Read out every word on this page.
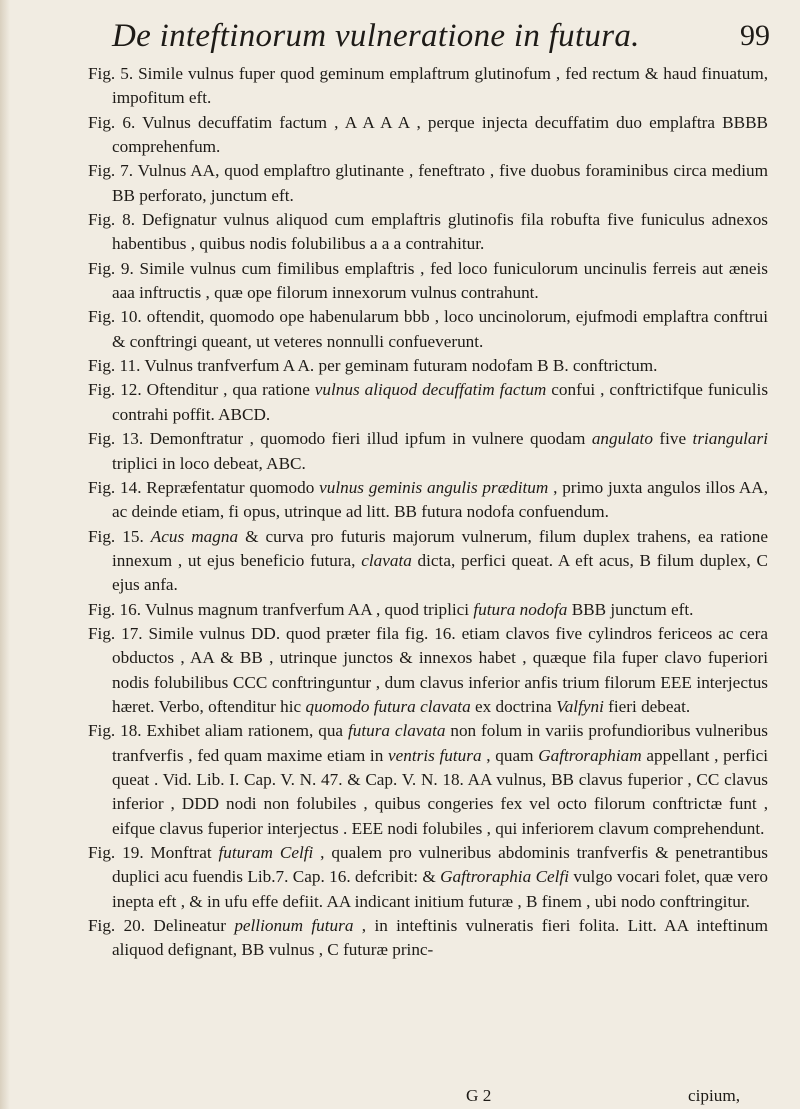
De inteftinorum vulneratione in futura.	99

Fig. 5. Simile vulnus fuper quod geminum emplaftrum glutinofum , fed rectum & haud finuatum, impofitum eft.

Fig. 6. Vulnus decuffatim factum , A A A A , perque injecta decuffatim duo emplaftra BBBB comprehenfum.

Fig. 7. Vulnus AA, quod emplaftro glutinante , feneftrato , five duobus foraminibus circa medium BB perforato, junctum eft.

Fig. 8. Defignatur vulnus aliquod cum emplaftris glutinofis fila robufta five funiculus adnexos habentibus , quibus nodis folubilibus a a a contrahitur.

Fig. 9. Simile vulnus cum fimilibus emplaftris , fed loco funiculorum uncinulis ferreis aut æneis aaa inftructis , quæ ope filorum innexorum vulnus contrahunt.

Fig. 10. oftendit, quomodo ope habenularum bbb , loco uncinolorum, ejufmodi emplaftra conftrui & conftringi queant, ut veteres nonnulli confueverunt.

Fig. 11. Vulnus tranfverfum A A. per geminam futuram nodofam B B. conftrictum.

Fig. 12. Oftenditur , qua ratione vulnus aliquod decuffatim factum confui , conftrictifque funiculis contrahi poffit. ABCD.

Fig. 13. Demonftratur , quomodo fieri illud ipfum in vulnere quodam angulato five triangulari triplici in loco debeat, ABC.

Fig. 14. Repræfentatur quomodo vulnus geminis angulis præditum , primo juxta angulos illos AA, ac deinde etiam, fi opus, utrinque ad litt. BB futura nodofa confuendum.

Fig. 15. Acus magna & curva pro futuris majorum vulnerum, filum duplex trahens, ea ratione innexum , ut ejus beneficio futura, clavata dicta, perfici queat. A eft acus, B filum duplex, C ejus anfa.

Fig. 16. Vulnus magnum tranfverfum AA , quod triplici futura nodofa BBB junctum eft.

Fig. 17. Simile vulnus DD. quod præter fila fig. 16. etiam clavos five cylindros fericeos ac cera obductos , AA & BB , utrinque junctos & innexos habet , quæque fila fuper clavo fuperiori nodis folubilibus CCC conftringuntur , dum clavus inferior anfis trium filorum EEE interjectus hæret. Verbo, oftenditur hic quomodo futura clavata ex doctrina Valfyni fieri debeat.

Fig. 18. Exhibet aliam rationem, qua futura clavata non folum in variis profundioribus vulneribus tranfverfis , fed quam maxime etiam in ventris futura , quam Gaftroraphiam appellant , perfici queat . Vid. Lib. I. Cap. V. N. 47. & Cap. V. N. 18. AA vulnus, BB clavus fuperior , CC clavus inferior , DDD nodi non folubiles , quibus congeries fex vel octo filorum conftrictæ funt , eifque clavus fuperior interjectus . EEE nodi folubiles , qui inferiorem clavum comprehendunt.

Fig. 19. Monftrat futuram Celfi , qualem pro vulneribus abdominis tranfverfis & penetrantibus duplici acu fuendis Lib.7. Cap. 16. defcribit: & Gaftroraphia Celfi vulgo vocari folet, quæ vero inepta eft , & in ufu effe defiit. AA indicant initium futuræ , B finem , ubi nodo conftringitur.

Fig. 20. Delineatur pellionum futura , in inteftinis vulneratis fieri folita. Litt. AA inteftinum aliquod defignant, BB vulnus , C futuræ princ-

G 2	cipium,
